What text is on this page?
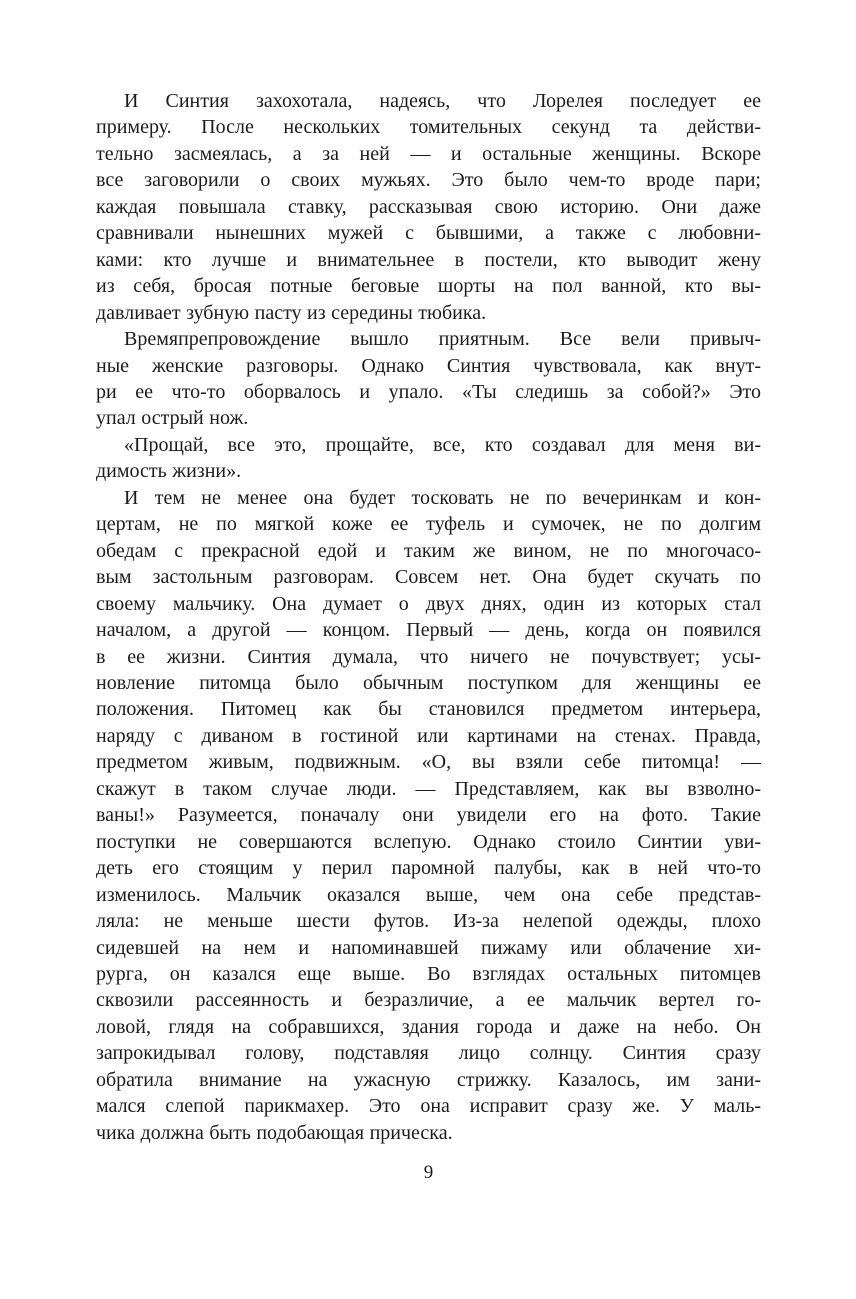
И Синтия захохотала, надеясь, что Лорелея последует ее
примеру. После нескольких томительных секунд та действи-
тельно засмеялась, а за ней — и остальные женщины. Вскоре
все заговорили о своих мужьях. Это было чем-то вроде пари;
каждая повышала ставку, рассказывая свою историю. Они даже
сравнивали нынешних мужей с бывшими, а также с любовни-
ками: кто лучше и внимательнее в постели, кто выводит жену
из себя, бросая потные беговые шорты на пол ванной, кто вы-
давливает зубную пасту из середины тюбика.
Времяпрепровождение вышло приятным. Все вели привыч-
ные женские разговоры. Однако Синтия чувствовала, как внут-
ри ее что-то оборвалось и упало. «Ты следишь за собой?» Это
упал острый нож.
«Прощай, все это, прощайте, все, кто создавал для меня ви-
димость жизни».
И тем не менее она будет тосковать не по вечеринкам и кон-
цертам, не по мягкой коже ее туфель и сумочек, не по долгим
обедам с прекрасной едой и таким же вином, не по многочасо-
вым застольным разговорам. Совсем нет. Она будет скучать по
своему мальчику. Она думает о двух днях, один из которых стал
началом, а другой — концом. Первый — день, когда он появился
в ее жизни. Синтия думала, что ничего не почувствует; усы-
новление питомца было обычным поступком для женщины ее
положения. Питомец как бы становился предметом интерьера,
наряду с диваном в гостиной или картинами на стенах. Правда,
предметом живым, подвижным. «О, вы взяли себе питомца! —
скажут в таком случае люди. — Представляем, как вы взволно-
ваны!» Разумеется, поначалу они увидели его на фото. Такие
поступки не совершаются вслепую. Однако стоило Синтии уви-
деть его стоящим у перил паромной палубы, как в ней что-то
изменилось. Мальчик оказался выше, чем она себе представ-
ляла: не меньше шести футов. Из-за нелепой одежды, плохо
сидевшей на нем и напоминавшей пижаму или облачение хи-
рурга, он казался еще выше. Во взглядах остальных питомцев
сквозили рассеянность и безразличие, а ее мальчик вертел го-
ловой, глядя на собравшихся, здания города и даже на небо. Он
запрокидывал голову, подставляя лицо солнцу. Синтия сразу
обратила внимание на ужасную стрижку. Казалось, им зани-
мался слепой парикмахер. Это она исправит сразу же. У маль-
чика должна быть подобающая прическа.
9
